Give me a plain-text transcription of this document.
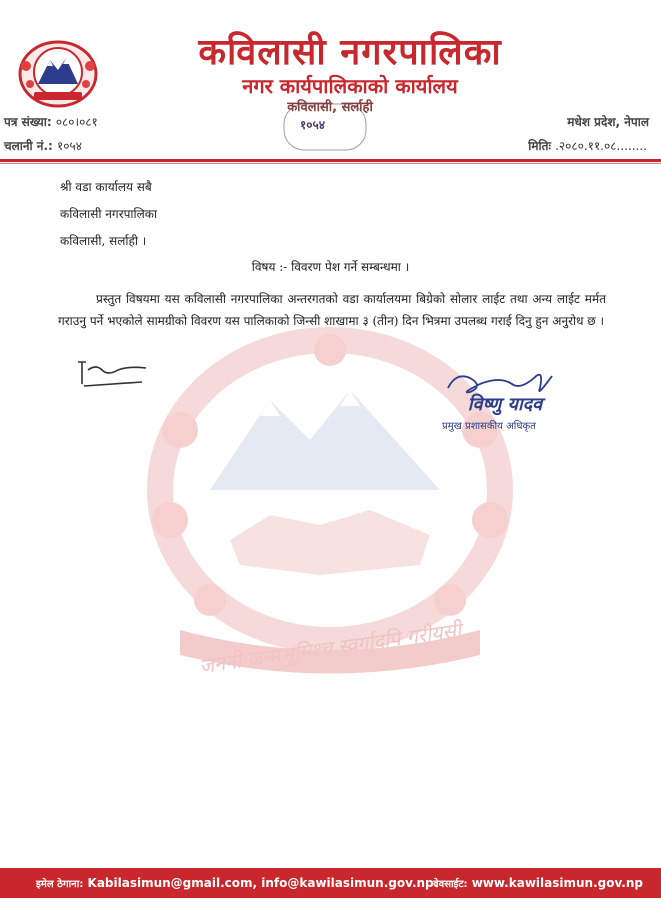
कविलासी नगरपालिका
नगर कार्यपालिकाको कार्यालय
कविलासी, सर्लाही
१०५४
पत्र संख्या: ०८०।०८१	मधेश प्रदेश, नेपाल
चलानी नं.: १०५४	मितिः .२०८०.११.०८........
जननी जन्मभूमिश्च स्वर्गादपि गरीयसी
श्री वडा कार्यालय सबै
कविलासी नगरपालिका
कविलासी, सर्लाही ।
विषय :- विवरण पेश गर्ने सम्बन्धमा ।
प्रस्तुत विषयमा यस कविलासी नगरपालिका अन्तरगतको वडा कार्यालयमा बिग्रेको सोलार लाईट तथा अन्य लाईट मर्मत गराउनु पर्ने भएकोले सामग्रीको विवरण यस पालिकाको जिन्सी शाखामा ३ (तीन) दिन भित्रमा उपलब्ध गराई दिनु हुन अनुरोध छ ।
विष्णु यादव
प्रमुख प्रशासकीय अधिकृत
इमेल ठेगाना: Kabilasimun@gmail.com, info@kawilasimun.gov.np.
वेवसाईट: www.kawilasimun.gov.np
